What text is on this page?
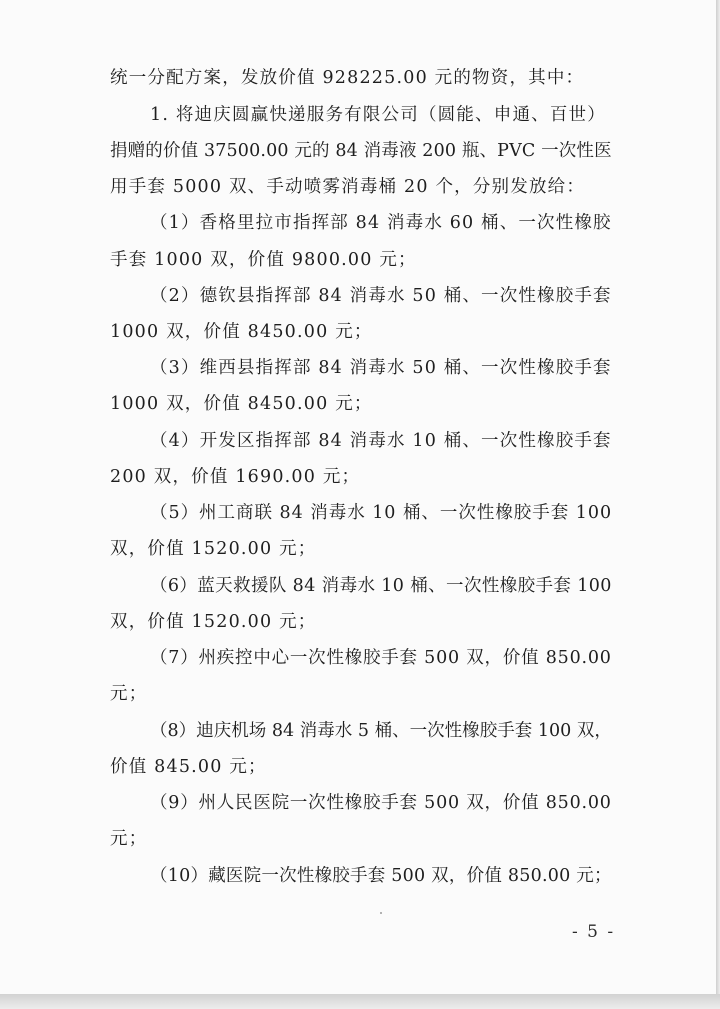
统一分配方案，发放价值 928225.00 元的物资，其中：
1. 将迪庆圆赢快递服务有限公司（圆能、申通、百世）
捐赠的价值 37500.00 元的 84 消毒液 200 瓶、PVC 一次性医
用手套 5000 双、手动喷雾消毒桶 20 个，分别发放给：
（1）香格里拉市指挥部 84 消毒水 60 桶、一次性橡胶
手套 1000 双，价值 9800.00 元；
（2）德钦县指挥部 84 消毒水 50 桶、一次性橡胶手套
1000 双，价值 8450.00 元；
（3）维西县指挥部 84 消毒水 50 桶、一次性橡胶手套
1000 双，价值 8450.00 元；
（4）开发区指挥部 84 消毒水 10 桶、一次性橡胶手套
200 双，价值 1690.00 元；
（5）州工商联 84 消毒水 10 桶、一次性橡胶手套 100
双，价值 1520.00 元；
（6）蓝天救援队 84 消毒水 10 桶、一次性橡胶手套 100
双，价值 1520.00 元；
（7）州疾控中心一次性橡胶手套 500 双，价值 850.00
元；
（8）迪庆机场 84 消毒水 5 桶、一次性橡胶手套 100 双，
价值 845.00 元；
（9）州人民医院一次性橡胶手套 500 双，价值 850.00
元；
（10）藏医院一次性橡胶手套 500 双，价值 850.00 元；
- 5 -
